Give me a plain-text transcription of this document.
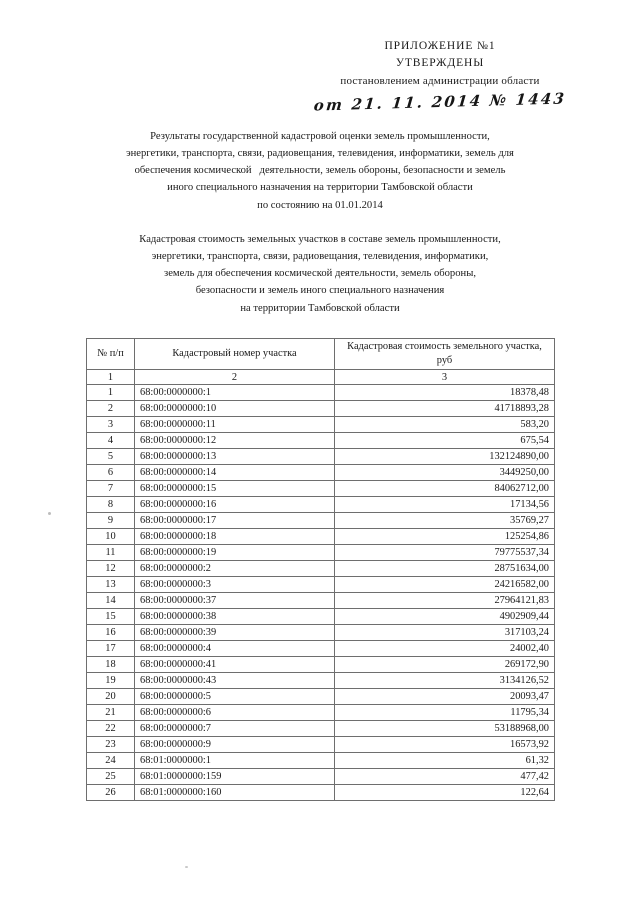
ПРИЛОЖЕНИЕ №1
УТВЕРЖДЕНЫ
постановлением администрации области
от 21. 11. 2014 № 1443
Результаты государственной кадастровой оценки земель промышленности,
энергетики, транспорта, связи, радиовещания, телевидения, информатики, земель для
обеспечения космической   деятельности, земель обороны, безопасности и земель
иного специального назначения на территории Тамбовской области
по состоянию на 01.01.2014
Кадастровая стоимость земельных участков в составе земель промышленности,
энергетики, транспорта, связи, радиовещания, телевидения, информатики,
земель для обеспечения космической деятельности, земель обороны,
безопасности и земель иного специального назначения
на территории Тамбовской области
№ п/п	Кадастровый номер участка	Кадастровая стоимость земельного участка, руб
1	2	3
1	68:00:0000000:1	18378,48
2	68:00:0000000:10	41718893,28
3	68:00:0000000:11	583,20
4	68:00:0000000:12	675,54
5	68:00:0000000:13	132124890,00
6	68:00:0000000:14	3449250,00
7	68:00:0000000:15	84062712,00
8	68:00:0000000:16	17134,56
9	68:00:0000000:17	35769,27
10	68:00:0000000:18	125254,86
11	68:00:0000000:19	79775537,34
12	68:00:0000000:2	28751634,00
13	68:00:0000000:3	24216582,00
14	68:00:0000000:37	27964121,83
15	68:00:0000000:38	4902909,44
16	68:00:0000000:39	317103,24
17	68:00:0000000:4	24002,40
18	68:00:0000000:41	269172,90
19	68:00:0000000:43	3134126,52
20	68:00:0000000:5	20093,47
21	68:00:0000000:6	11795,34
22	68:00:0000000:7	53188968,00
23	68:00:0000000:9	16573,92
24	68:01:0000000:1	61,32
25	68:01:0000000:159	477,42
26	68:01:0000000:160	122,64
